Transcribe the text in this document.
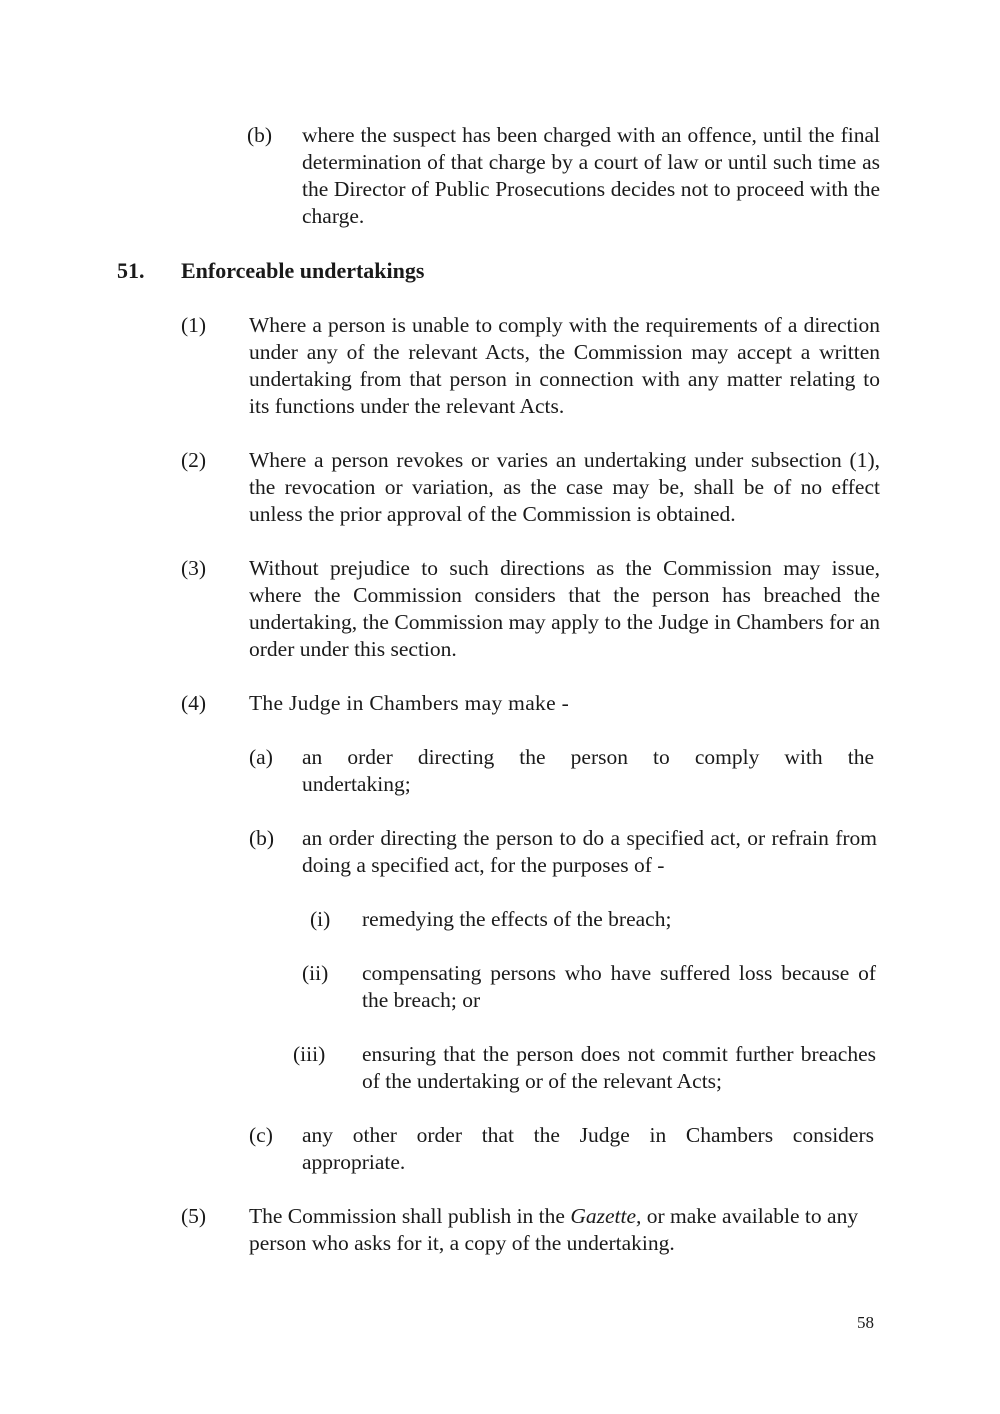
(b) where the suspect has been charged with an offence, until the final determination of that charge by a court of law or until such time as the Director of Public Prosecutions decides not to proceed with the charge.
51. Enforceable undertakings
(1) Where a person is unable to comply with the requirements of a direction under any of the relevant Acts, the Commission may accept a written undertaking from that person in connection with any matter relating to its functions under the relevant Acts.
(2) Where a person revokes or varies an undertaking under subsection (1), the revocation or variation, as the case may be, shall be of no effect unless the prior approval of the Commission is obtained.
(3) Without prejudice to such directions as the Commission may issue, where the Commission considers that the person has breached the undertaking, the Commission may apply to the Judge in Chambers for an order under this section.
(4) The Judge in Chambers may make -
(a) an order directing the person to comply with the undertaking;
(b) an order directing the person to do a specified act, or refrain from doing a specified act, for the purposes of -
(i) remedying the effects of the breach;
(ii) compensating persons who have suffered loss because of the breach; or
(iii) ensuring that the person does not commit further breaches of the undertaking or of the relevant Acts;
(c) any other order that the Judge in Chambers considers appropriate.
(5) The Commission shall publish in the Gazette, or make available to any person who asks for it, a copy of the undertaking.
58
